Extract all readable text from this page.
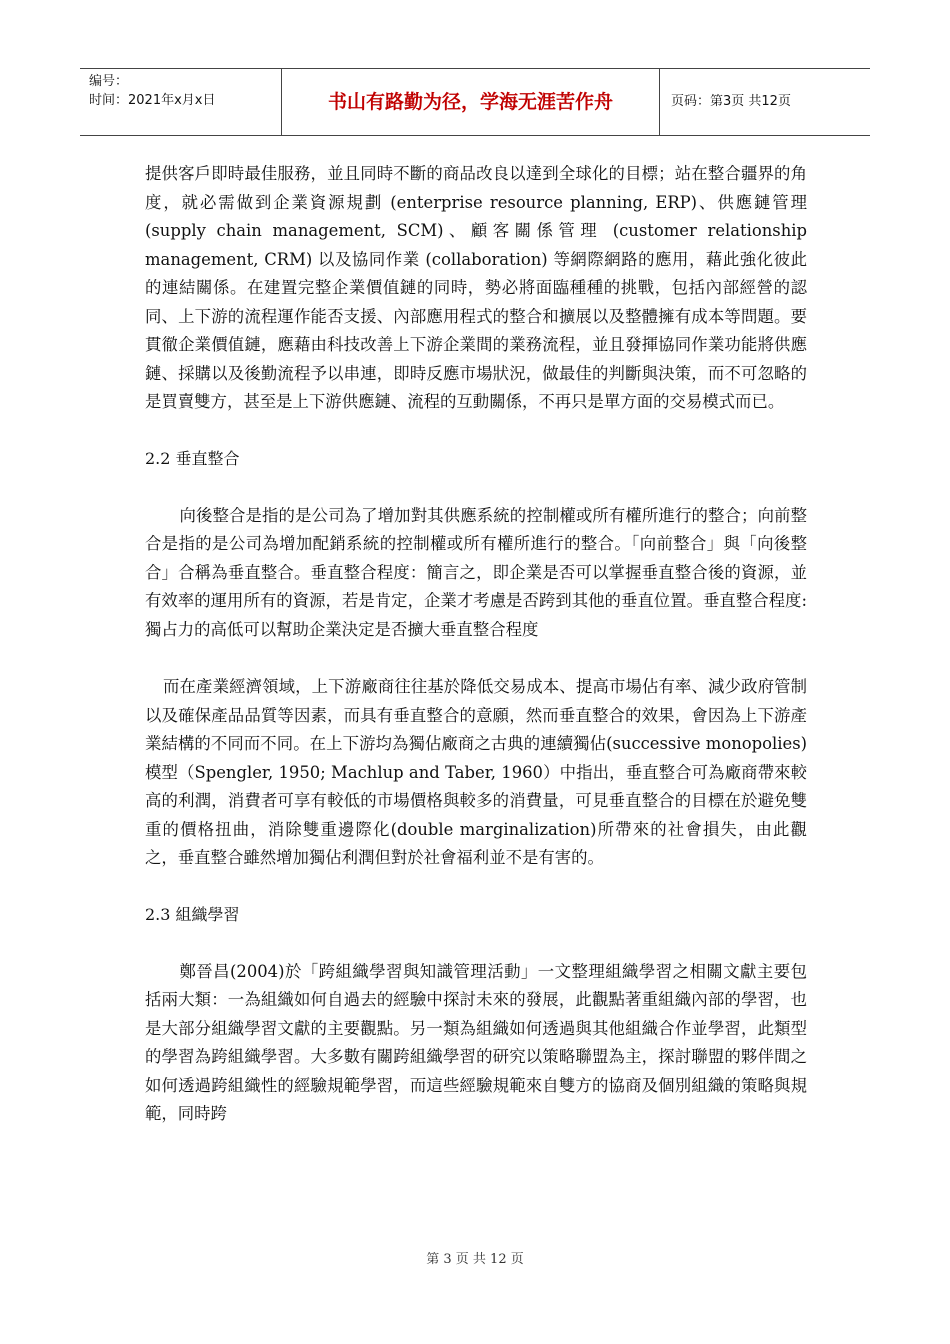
编号：
时间：2021年x月x日	书山有路勤为径，学海无涯苦作舟	页码：第3页 共12页

提供客戶即時最佳服務，並且同時不斷的商品改良以達到全球化的目標；站在整合疆界的角度，就必需做到企業資源規劃 (enterprise resource planning, ERP)、供應鏈管理 (supply chain management, SCM)、顧客關係管理 (customer relationship management, CRM) 以及協同作業 (collaboration) 等網際網路的應用，藉此強化彼此的連結關係。在建置完整企業價值鏈的同時，勢必將面臨種種的挑戰，包括內部經營的認同、上下游的流程運作能否支援、內部應用程式的整合和擴展以及整體擁有成本等問題。要貫徹企業價值鏈，應藉由科技改善上下游企業間的業務流程，並且發揮協同作業功能將供應鏈、採購以及後勤流程予以串連，即時反應市場狀況，做最佳的判斷與決策，而不可忽略的是買賣雙方，甚至是上下游供應鏈、流程的互動關係，不再只是單方面的交易模式而已。

2.2 垂直整合

向後整合是指的是公司為了增加對其供應系統的控制權或所有權所進行的整合；向前整合是指的是公司為增加配銷系統的控制權或所有權所進行的整合。「向前整合」與「向後整合」合稱為垂直整合。垂直整合程度：簡言之，即企業是否可以掌握垂直整合後的資源，並有效率的運用所有的資源，若是肯定，企業才考慮是否跨到其他的垂直位置。垂直整合程度:獨占力的高低可以幫助企業決定是否擴大垂直整合程度

而在產業經濟領域，上下游廠商往往基於降低交易成本、提高市場佔有率、減少政府管制以及確保產品品質等因素，而具有垂直整合的意願，然而垂直整合的效果，會因為上下游產業結構的不同而不同。在上下游均為獨佔廠商之古典的連續獨佔(successive monopolies)模型（Spengler, 1950; Machlup and Taber, 1960）中指出，垂直整合可為廠商帶來較高的利潤，消費者可享有較低的市場價格與較多的消費量，可見垂直整合的目標在於避免雙重的價格扭曲，消除雙重邊際化(double marginalization)所帶來的社會損失，由此觀之，垂直整合雖然增加獨佔利潤但對於社會福利並不是有害的。

2.3 組織學習

鄭晉昌(2004)於「跨組織學習與知識管理活動」一文整理組織學習之相關文獻主要包括兩大類：一為組織如何自過去的經驗中探討未來的發展，此觀點著重組織內部的學習，也是大部分組織學習文獻的主要觀點。另一類為組織如何透過與其他組織合作並學習，此類型的學習為跨組織學習。大多數有關跨組織學習的研究以策略聯盟為主，探討聯盟的夥伴間之如何透過跨組織性的經驗規範學習，而這些經驗規範來自雙方的協商及個別組織的策略與規範，同時跨

第 3 页 共 12 页
